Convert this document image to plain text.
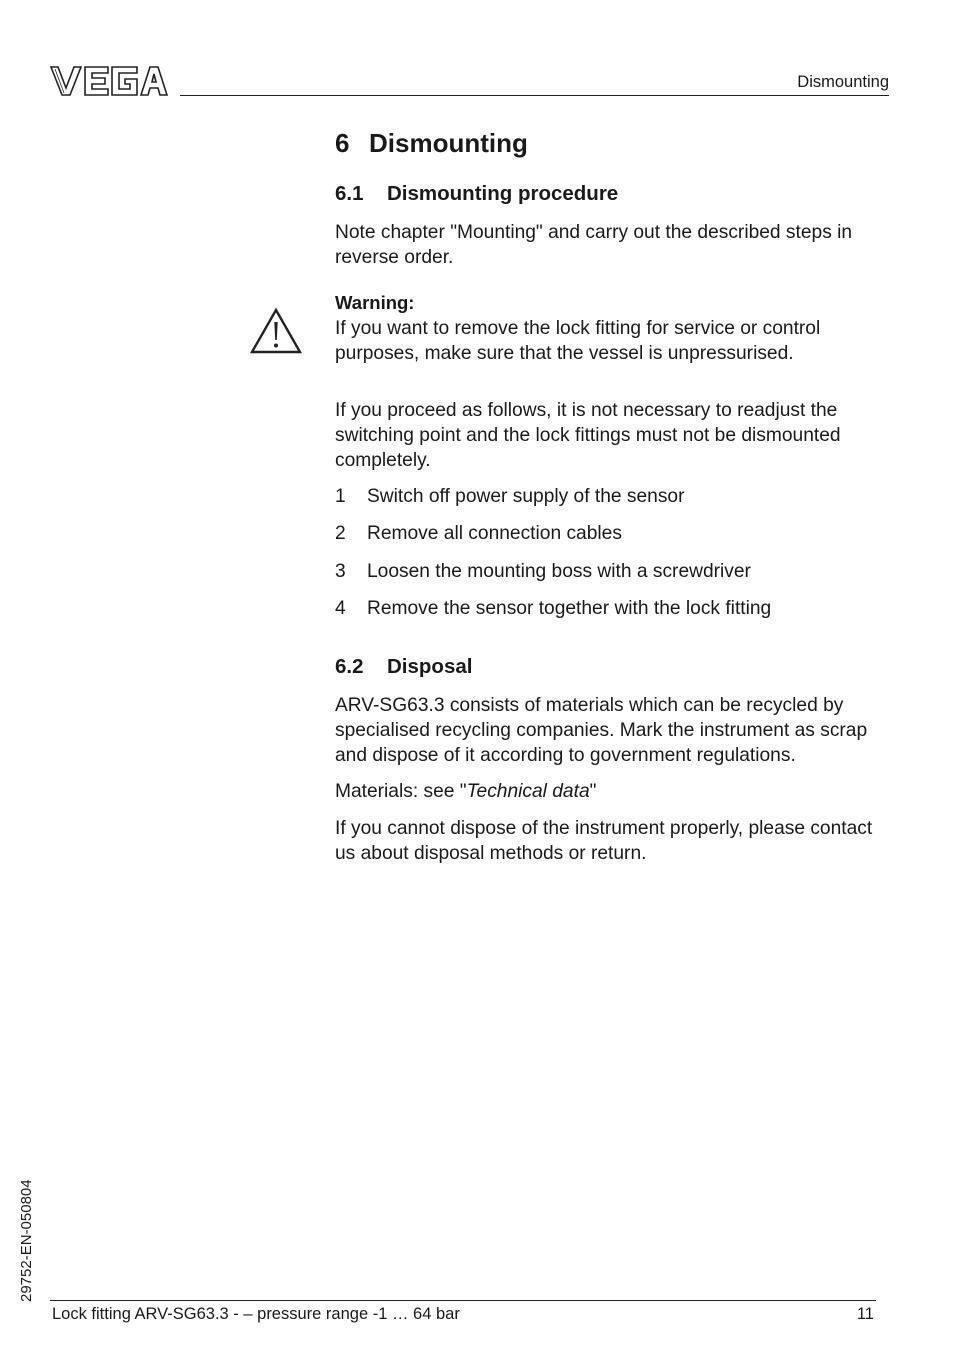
Dismounting
6 Dismounting
6.1 Dismounting procedure
Note chapter "Mounting" and carry out the described steps in reverse order.
Warning:
If you want to remove the lock fitting for service or control purposes, make sure that the vessel is unpressurised.
If you proceed as follows, it is not necessary to readjust the switching point and the lock fittings must not be dismounted completely.
1 Switch off power supply of the sensor
2 Remove all connection cables
3 Loosen the mounting boss with a screwdriver
4 Remove the sensor together with the lock fitting
6.2 Disposal
ARV-SG63.3 consists of materials which can be recycled by specialised recycling companies. Mark the instrument as scrap and dispose of it according to government regulations.
Materials: see "Technical data"
If you cannot dispose of the instrument properly, please contact us about disposal methods or return.
29752-EN-050804
Lock fitting ARV-SG63.3 - – pressure range -1 … 64 bar	11
